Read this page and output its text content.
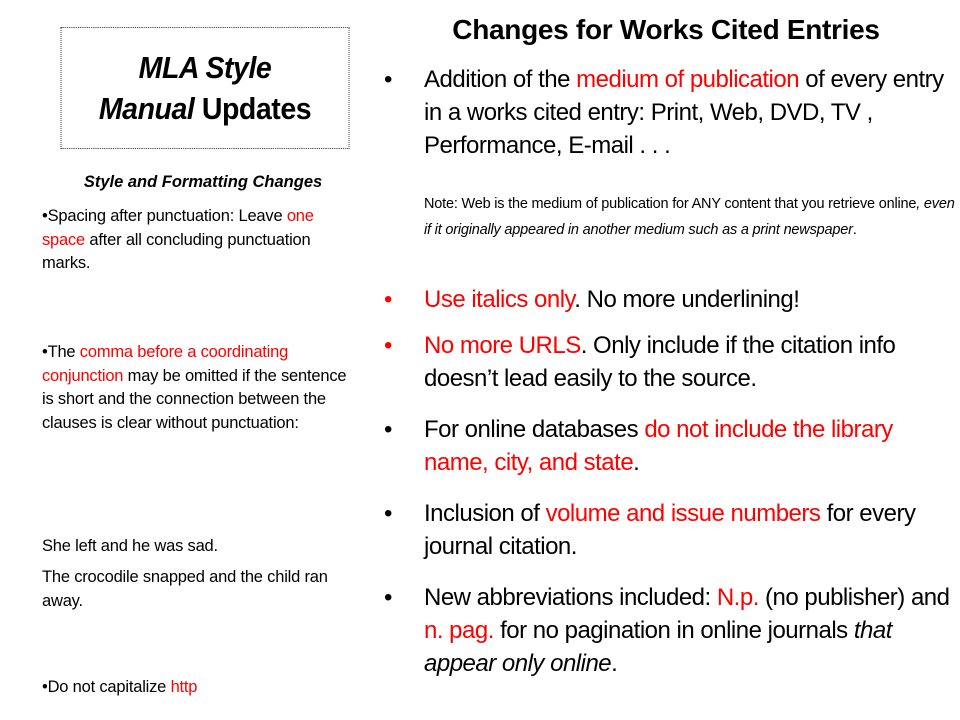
MLA Style
Manual Updates
Style and Formatting Changes

•Spacing after punctuation: Leave one space after all concluding punctuation marks.

•The comma before a coordinating conjunction may be omitted if the sentence is short and the connection between the clauses is clear without punctuation:

She left and he was sad.

The crocodile snapped and the child ran away.

•Do not capitalize http

Changes for Works Cited Entries

• Addition of the medium of publication of every entry in a works cited entry: Print, Web, DVD, TV , Performance, E-mail . . .

Note: Web is the medium of publication for ANY content that you retrieve online, even if it originally appeared in another medium such as a print newspaper.

• Use italics only. No more underlining!

• No more URLS. Only include if the citation info doesn’t lead easily to the source.

• For online databases do not include the library name, city, and state.

• Inclusion of volume and issue numbers for every journal citation.

• New abbreviations included: N.p. (no publisher) and n. pag. for no pagination in online journals that appear only online.
